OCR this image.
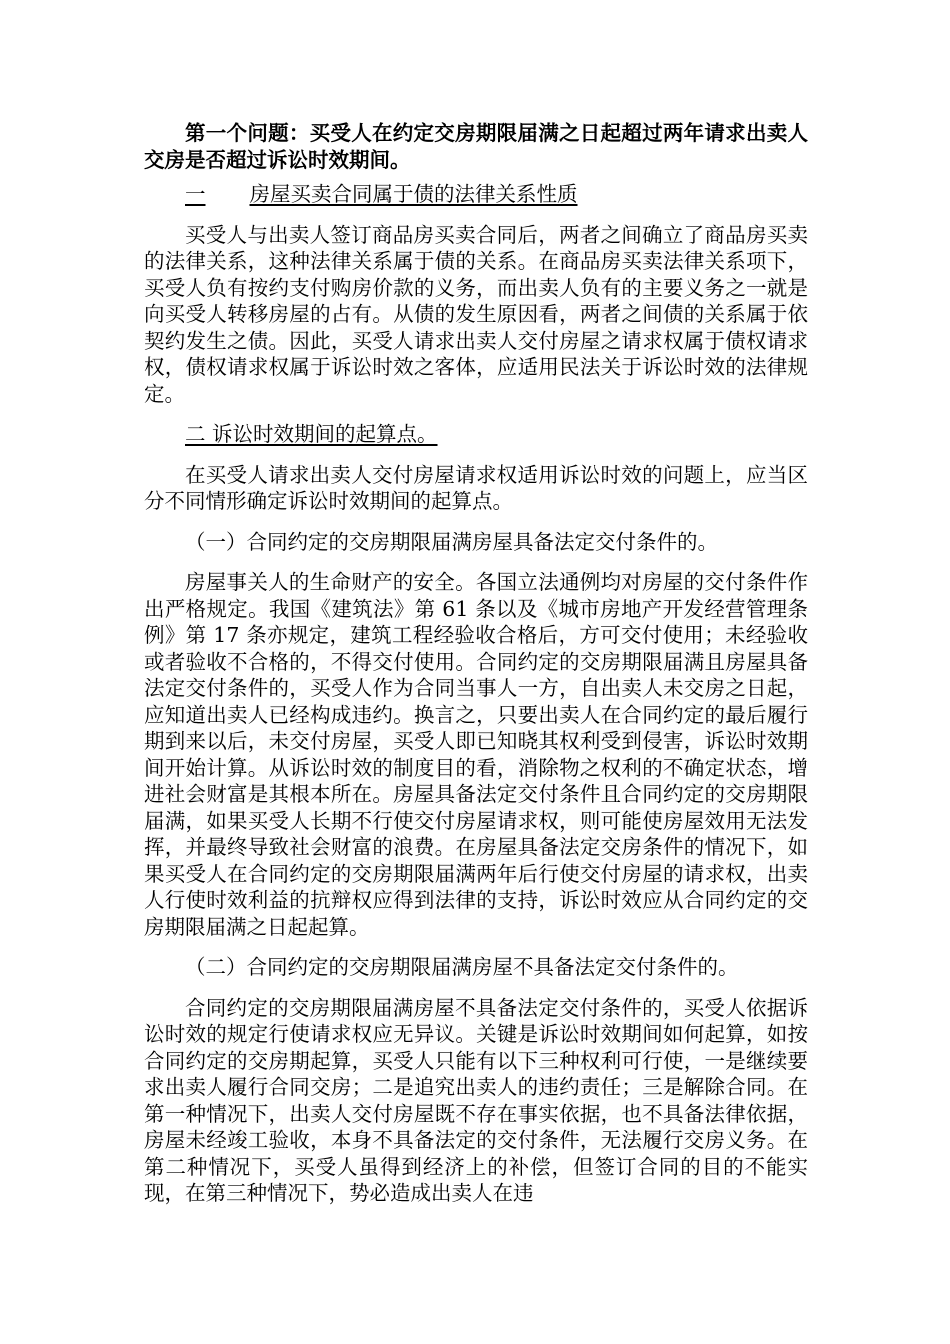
第一个问题：买受人在约定交房期限届满之日起超过两年请求出卖人交房是否超过诉讼时效期间。

一 房屋买卖合同属于债的法律关系性质

买受人与出卖人签订商品房买卖合同后，两者之间确立了商品房买卖的法律关系，这种法律关系属于债的关系。在商品房买卖法律关系项下，买受人负有按约支付购房价款的义务，而出卖人负有的主要义务之一就是向买受人转移房屋的占有。从债的发生原因看，两者之间债的关系属于依契约发生之债。因此，买受人请求出卖人交付房屋之请求权属于债权请求权，债权请求权属于诉讼时效之客体，应适用民法关于诉讼时效的法律规定。

二 诉讼时效期间的起算点。

在买受人请求出卖人交付房屋请求权适用诉讼时效的问题上，应当区分不同情形确定诉讼时效期间的起算点。

（一）合同约定的交房期限届满房屋具备法定交付条件的。

房屋事关人的生命财产的安全。各国立法通例均对房屋的交付条件作出严格规定。我国《建筑法》第 61 条以及《城市房地产开发经营管理条例》第 17 条亦规定，建筑工程经验收合格后，方可交付使用；未经验收或者验收不合格的，不得交付使用。合同约定的交房期限届满且房屋具备法定交付条件的，买受人作为合同当事人一方，自出卖人未交房之日起，应知道出卖人已经构成违约。换言之，只要出卖人在合同约定的最后履行期到来以后，未交付房屋，买受人即已知晓其权利受到侵害，诉讼时效期间开始计算。从诉讼时效的制度目的看，消除物之权利的不确定状态，增进社会财富是其根本所在。房屋具备法定交付条件且合同约定的交房期限届满，如果买受人长期不行使交付房屋请求权，则可能使房屋效用无法发挥，并最终导致社会财富的浪费。在房屋具备法定交房条件的情况下，如果买受人在合同约定的交房期限届满两年后行使交付房屋的请求权，出卖人行使时效利益的抗辩权应得到法律的支持，诉讼时效应从合同约定的交房期限届满之日起起算。

（二）合同约定的交房期限届满房屋不具备法定交付条件的。

合同约定的交房期限届满房屋不具备法定交付条件的，买受人依据诉讼时效的规定行使请求权应无异议。关键是诉讼时效期间如何起算，如按合同约定的交房期起算，买受人只能有以下三种权利可行使，一是继续要求出卖人履行合同交房；二是追究出卖人的违约责任；三是解除合同。在第一种情况下，出卖人交付房屋既不存在事实依据，也不具备法律依据，房屋未经竣工验收，本身不具备法定的交付条件，无法履行交房义务。在第二种情况下，买受人虽得到经济上的补偿，但签订合同的目的不能实现，在第三种情况下，势必造成出卖人在违
